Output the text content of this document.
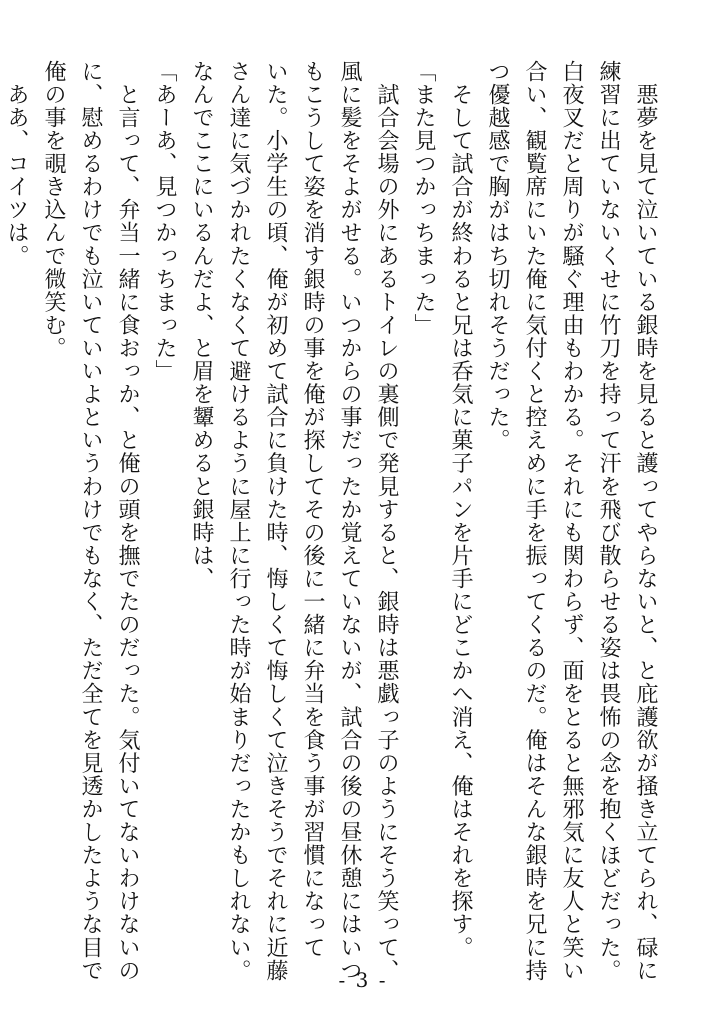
　悪夢を見て泣いている銀時を見ると護ってやらないと、と庇護欲が掻き立てられ、碌に
練習に出ていないくせに竹刀を持って汗を飛び散らせる姿は畏怖の念を抱くほどだった。
白夜叉だと周りが騒ぐ理由もわかる。それにも関わらず、面をとると無邪気に友人と笑い
合い、観覧席にいた俺に気付くと控えめに手を振ってくるのだ。俺はそんな銀時を兄に持
つ優越感で胸がはち切れそうだった。
　そして試合が終わると兄は呑気に菓子パンを片手にどこかへ消え、俺はそれを探す。
「また見つかっちまった」
　試合会場の外にあるトイレの裏側で発見すると、銀時は悪戯っ子のようにそう笑って、
風に髪をそよがせる。いつからの事だったか覚えていないが、試合の後の昼休憩にはいつ
もこうして姿を消す銀時の事を俺が探してその後に一緒に弁当を食う事が習慣になって
いた。小学生の頃、俺が初めて試合に負けた時、悔しくて悔しくて泣きそうでそれに近藤
さん達に気づかれたくなくて避けるように屋上に行った時が始まりだったかもしれない。
なんでここにいるんだよ、と眉を顰めると銀時は、
「あーあ、見つかっちまった」
　と言って、弁当一緒に食おっか、と俺の頭を撫でたのだった。気付いてないわけないの
に、慰めるわけでも泣いていいよというわけでもなく、ただ全てを見透かしたような目で
俺の事を覗き込んで微笑む。
　ああ、コイツは。
- 3 -
